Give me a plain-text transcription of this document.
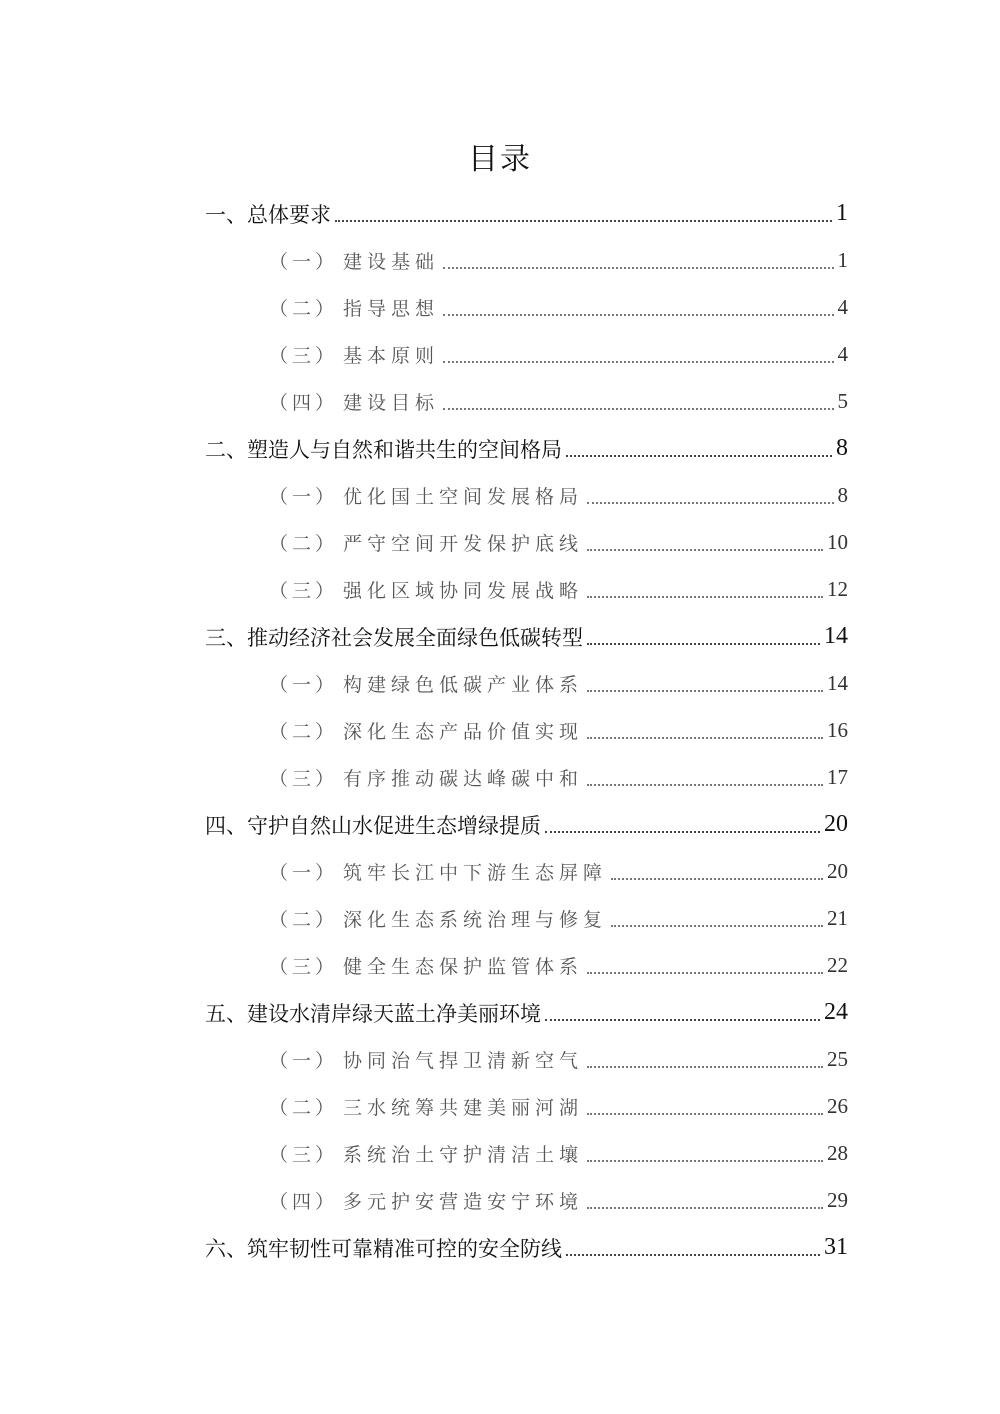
目录
一、总体要求	1
（一） 建设基础	1
（二） 指导思想	4
（三） 基本原则	4
（四） 建设目标	5
二、塑造人与自然和谐共生的空间格局	8
（一） 优化国土空间发展格局	8
（二） 严守空间开发保护底线	10
（三） 强化区域协同发展战略	12
三、推动经济社会发展全面绿色低碳转型	14
（一） 构建绿色低碳产业体系	14
（二） 深化生态产品价值实现	16
（三） 有序推动碳达峰碳中和	17
四、守护自然山水促进生态增绿提质	20
（一） 筑牢长江中下游生态屏障	20
（二） 深化生态系统治理与修复	21
（三） 健全生态保护监管体系	22
五、建设水清岸绿天蓝土净美丽环境	24
（一） 协同治气捍卫清新空气	25
（二） 三水统筹共建美丽河湖	26
（三） 系统治土守护清洁土壤	28
（四） 多元护安营造安宁环境	29
六、筑牢韧性可靠精准可控的安全防线	31
